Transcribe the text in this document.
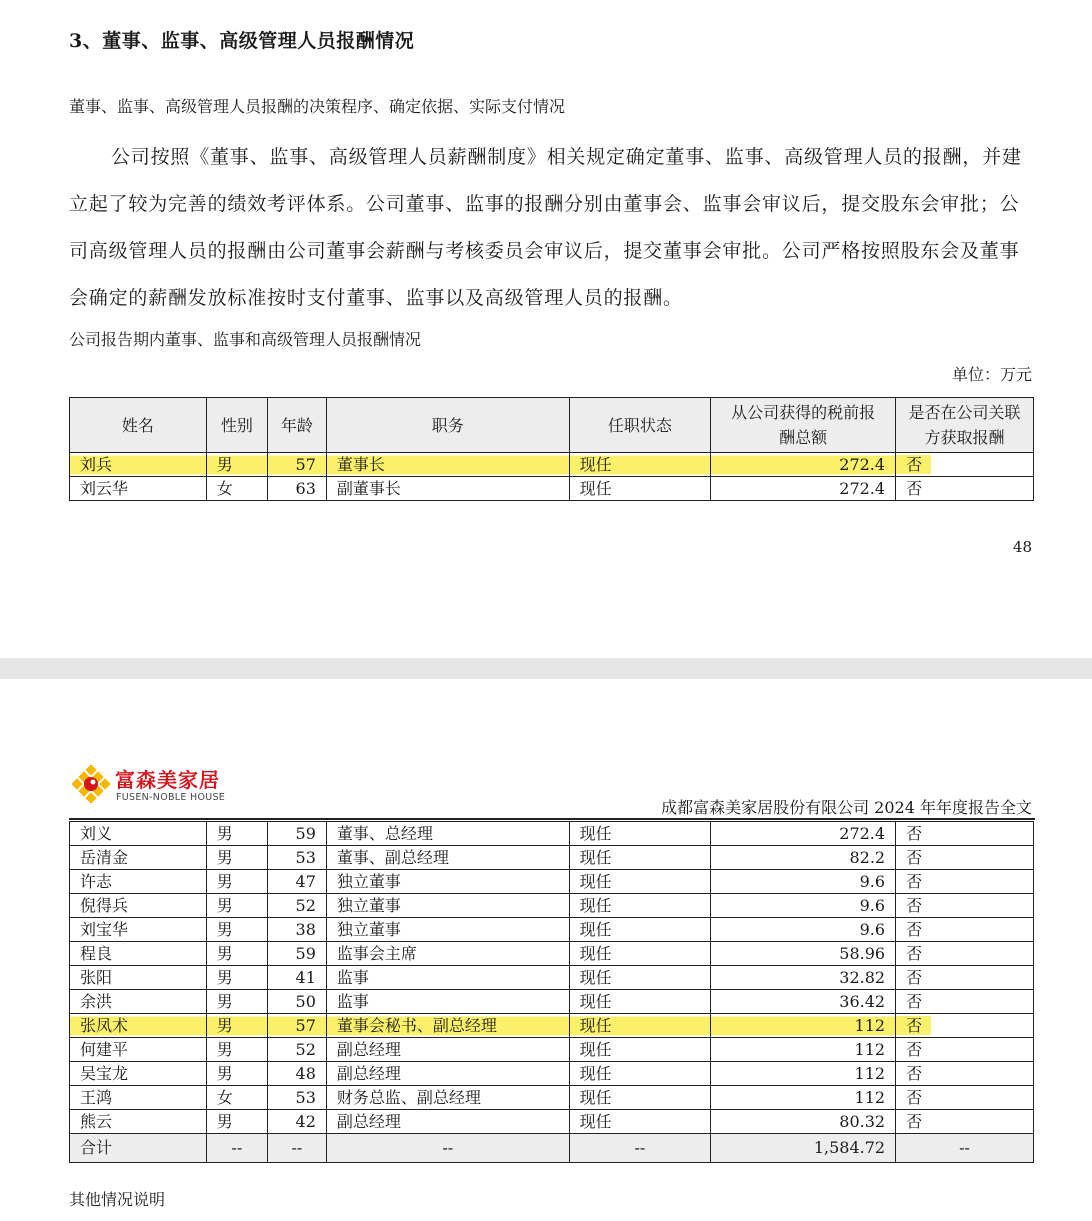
3、董事、监事、高级管理人员报酬情况
董事、监事、高级管理人员报酬的决策程序、确定依据、实际支付情况

公司按照《董事、监事、高级管理人员薪酬制度》相关规定确定董事、监事、高级管理人员的报酬，并建立起了较为完善的绩效考评体系。公司董事、监事的报酬分别由董事会、监事会审议后，提交股东会审批；公司高级管理人员的报酬由公司董事会薪酬与考核委员会审议后，提交董事会审批。公司严格按照股东会及董事会确定的薪酬发放标准按时支付董事、监事以及高级管理人员的报酬。

公司报告期内董事、监事和高级管理人员报酬情况
单位：万元
姓名	性别	年龄	职务	任职状态	从公司获得的税前报酬总额	是否在公司关联方获取报酬
刘兵	男	57	董事长	现任	272.4	否
刘云华	女	63	副董事长	现任	272.4	否
48
富森美家居
FUSEN-NOBLE HOUSE
成都富森美家居股份有限公司 2024 年年度报告全文
刘义	男	59	董事、总经理	现任	272.4	否
岳清金	男	53	董事、副总经理	现任	82.2	否
许志	男	47	独立董事	现任	9.6	否
倪得兵	男	52	独立董事	现任	9.6	否
刘宝华	男	38	独立董事	现任	9.6	否
程良	男	59	监事会主席	现任	58.96	否
张阳	男	41	监事	现任	32.82	否
余洪	男	50	监事	现任	36.42	否
张凤术	男	57	董事会秘书、副总经理	现任	112	否
何建平	男	52	副总经理	现任	112	否
吴宝龙	男	48	副总经理	现任	112	否
王鸿	女	53	财务总监、副总经理	现任	112	否
熊云	男	42	副总经理	现任	80.32	否
合计	--	--	--	--	1,584.72	--
其他情况说明
